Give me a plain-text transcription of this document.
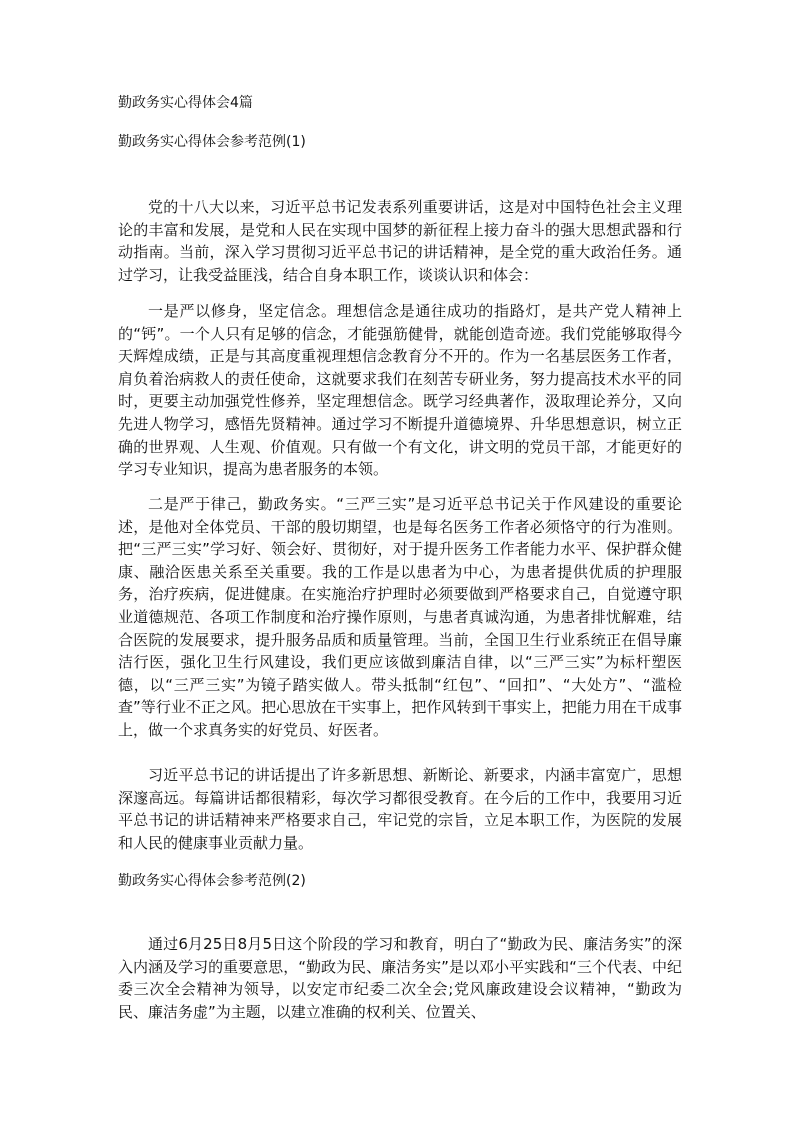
勤政务实心得体会4篇
勤政务实心得体会参考范例(1)

党的十八大以来，习近平总书记发表系列重要讲话，这是对中国特色社会主义理论的丰富和发展，是党和人民在实现中国梦的新征程上接力奋斗的强大思想武器和行动指南。当前，深入学习贯彻习近平总书记的讲话精神，是全党的重大政治任务。通过学习，让我受益匪浅，结合自身本职工作，谈谈认识和体会：

一是严以修身，坚定信念。理想信念是通往成功的指路灯，是共产党人精神上的“钙”。一个人只有足够的信念，才能强筋健骨，就能创造奇迹。我们党能够取得今天辉煌成绩，正是与其高度重视理想信念教育分不开的。作为一名基层医务工作者，肩负着治病救人的责任使命，这就要求我们在刻苦专研业务，努力提高技术水平的同时，更要主动加强党性修养，坚定理想信念。既学习经典著作，汲取理论养分，又向先进人物学习，感悟先贤精神。通过学习不断提升道德境界、升华思想意识，树立正确的世界观、人生观、价值观。只有做一个有文化，讲文明的党员干部，才能更好的学习专业知识，提高为患者服务的本领。

二是严于律己，勤政务实。“三严三实”是习近平总书记关于作风建设的重要论述，是他对全体党员、干部的殷切期望，也是每名医务工作者必须恪守的行为准则。把“三严三实”学习好、领会好、贯彻好，对于提升医务工作者能力水平、保护群众健康、融洽医患关系至关重要。我的工作是以患者为中心，为患者提供优质的护理服务，治疗疾病，促进健康。在实施治疗护理时必须要做到严格要求自己，自觉遵守职业道德规范、各项工作制度和治疗操作原则，与患者真诚沟通，为患者排忧解难，结合医院的发展要求，提升服务品质和质量管理。当前，全国卫生行业系统正在倡导廉洁行医，强化卫生行风建设，我们更应该做到廉洁自律，以“三严三实”为标杆塑医德，以“三严三实”为镜子踏实做人。带头抵制“红包”、“回扣”、“大处方”、“滥检查”等行业不正之风。把心思放在干实事上，把作风转到干事实上，把能力用在干成事上，做一个求真务实的好党员、好医者。

习近平总书记的讲话提出了许多新思想、新断论、新要求，内涵丰富宽广，思想深邃高远。每篇讲话都很精彩，每次学习都很受教育。在今后的工作中，我要用习近平总书记的讲话精神来严格要求自己，牢记党的宗旨，立足本职工作，为医院的发展和人民的健康事业贡献力量。

勤政务实心得体会参考范例(2)

通过6月25日8月5日这个阶段的学习和教育，明白了“勤政为民、廉洁务实”的深入内涵及学习的重要意思，“勤政为民、廉洁务实”是以邓小平实践和“三个代表、中纪委三次全会精神为领导，以安定市纪委二次全会;党风廉政建设会议精神，“勤政为民、廉洁务虚”为主题，以建立准确的权利关、位置关、
